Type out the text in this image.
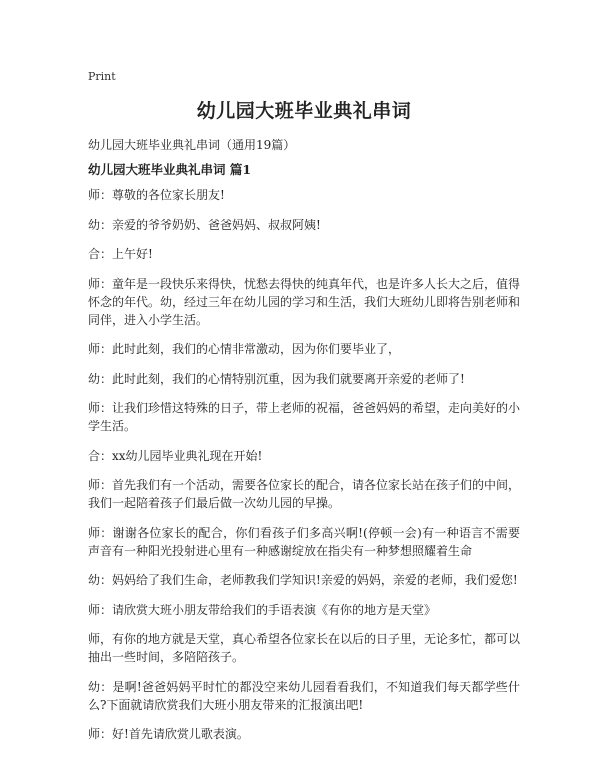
Print
幼儿园大班毕业典礼串词

幼儿园大班毕业典礼串词（通用19篇）

幼儿园大班毕业典礼串词 篇1

师：尊敬的各位家长朋友!

幼：亲爱的爷爷奶奶、爸爸妈妈、叔叔阿姨!

合：上午好!

师：童年是一段快乐来得快，忧愁去得快的纯真年代，也是许多人长大之后，值得怀念的年代。幼，经过三年在幼儿园的学习和生活，我们大班幼儿即将告别老师和同伴，进入小学生活。

师：此时此刻，我们的心情非常激动，因为你们要毕业了，

幼：此时此刻，我们的心情特别沉重，因为我们就要离开亲爱的老师了!

师：让我们珍惜这特殊的日子，带上老师的祝福，爸爸妈妈的希望，走向美好的小学生活。

合：xx幼儿园毕业典礼现在开始!

师：首先我们有一个活动，需要各位家长的配合，请各位家长站在孩子们的中间，我们一起陪着孩子们最后做一次幼儿园的早操。

师：谢谢各位家长的配合，你们看孩子们多高兴啊!(停顿一会)有一种语言不需要声音有一种阳光投射进心里有一种感谢绽放在指尖有一种梦想照耀着生命

幼：妈妈给了我们生命，老师教我们学知识!亲爱的妈妈，亲爱的老师，我们爱您!

师：请欣赏大班小朋友带给我们的手语表演《有你的地方是天堂》

师，有你的地方就是天堂，真心希望各位家长在以后的日子里，无论多忙，都可以抽出一些时间，多陪陪孩子。

幼：是啊!爸爸妈妈平时忙的都没空来幼儿园看看我们，不知道我们每天都学些什么?下面就请欣赏我们大班小朋友带来的汇报演出吧!

师：好!首先请欣赏儿歌表演。
